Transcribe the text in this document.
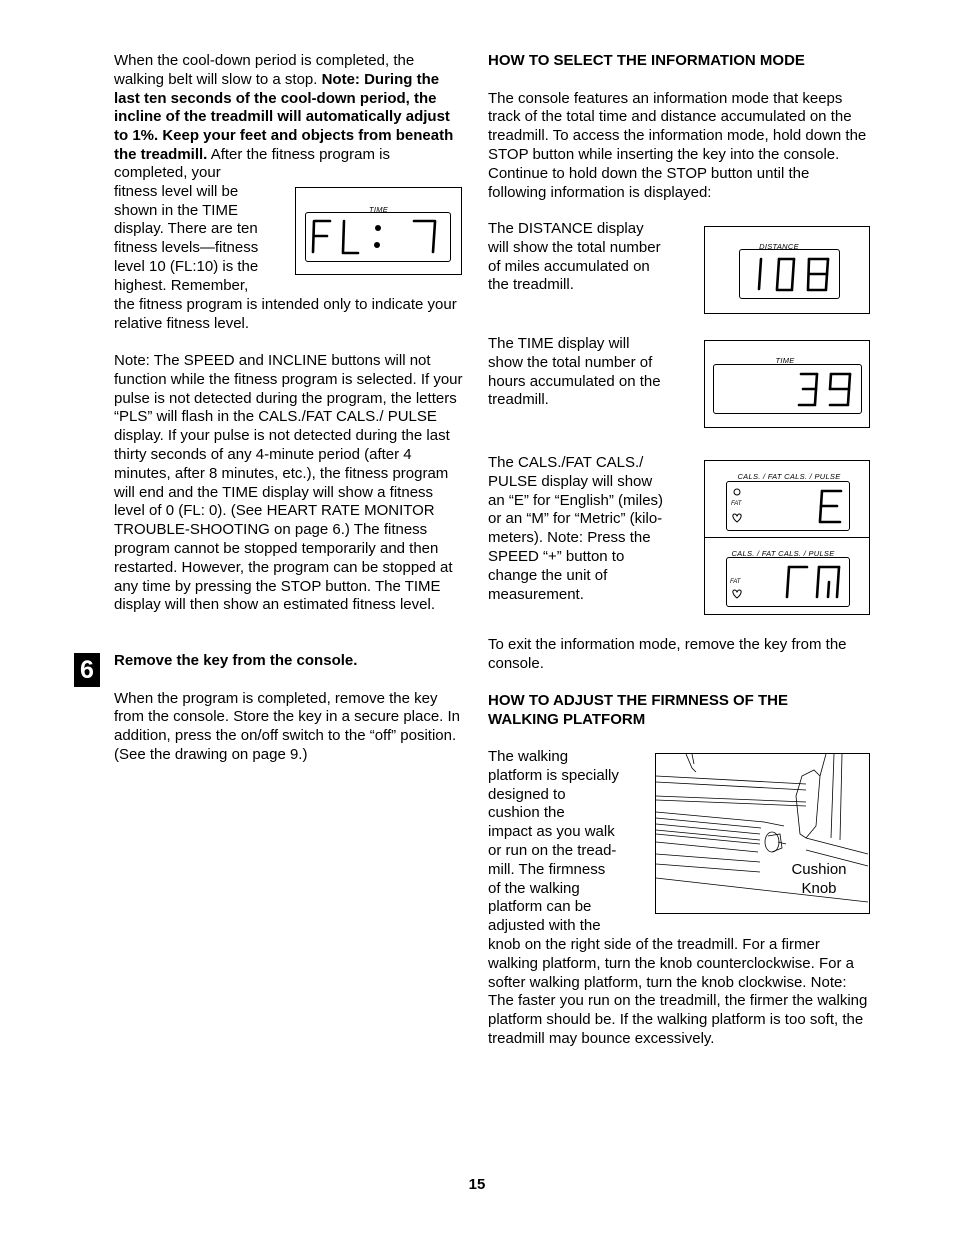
When the cool-down period is completed, the walking belt will slow to a stop. Note: During the last ten seconds of the cool-down period, the incline of the treadmill will automatically adjust to 1%. Keep your feet and objects from beneath the treadmill. After the fitness program is

completed, your
fitness level will be
shown in the TIME
display. There are ten
fitness levels—fitness
level 10 (FL:10) is the
highest. Remember,

the fitness program is intended only to indicate your relative fitness level.

TIME

Note: The SPEED and INCLINE buttons will not function while the fitness program is selected. If your pulse is not detected during the program, the letters “PLS” will flash in the CALS./FAT CALS./ PULSE display. If your pulse is not detected during the last thirty seconds of any 4-minute period (after 4 minutes, after 8 minutes, etc.), the fitness program will end and the TIME display will show a fitness level of 0 (FL: 0). (See HEART RATE MONITOR TROUBLE-SHOOTING on page 6.) The fitness program cannot be stopped temporarily and then restarted. However, the program can be stopped at any time by pressing the STOP button. The TIME display will then show an estimated fitness level.

6	Remove the key from the console.

When the program is completed, remove the key from the console. Store the key in a secure place. In addition, press the on/off switch to the “off” position. (See the drawing on page 9.)

HOW TO SELECT THE INFORMATION MODE

The console features an information mode that keeps track of the total time and distance accumulated on the treadmill. To access the information mode, hold down the STOP button while inserting the key into the console. Continue to hold down the STOP button until the following information is displayed:

The DISTANCE display
will show the total number
of miles accumulated on
the treadmill.
DISTANCE
The TIME display will
show the total number of
hours accumulated on the
treadmill.
TIME
The CALS./FAT CALS./
PULSE display will show
an “E” for “English” (miles)
or an “M” for “Metric” (kilo-
meters). Note: Press the
SPEED “+” button to
change the unit of
measurement.
CALS. / FAT CALS. / PULSE
FAT
CALS. / FAT CALS. / PULSE
FAT

To exit the information mode, remove the key from the console.

HOW TO ADJUST THE FIRMNESS OF THE WALKING PLATFORM

The walking
platform is specially
designed to
cushion the
impact as you walk
or run on the tread-
mill. The firmness
of the walking
platform can be
adjusted with the

knob on the right side of the treadmill. For a firmer walking platform, turn the knob counterclockwise. For a softer walking platform, turn the knob clockwise. Note: The faster you run on the treadmill, the firmer the walking platform should be. If the walking platform is too soft, the treadmill may bounce excessively.

Cushion
Knob
15
